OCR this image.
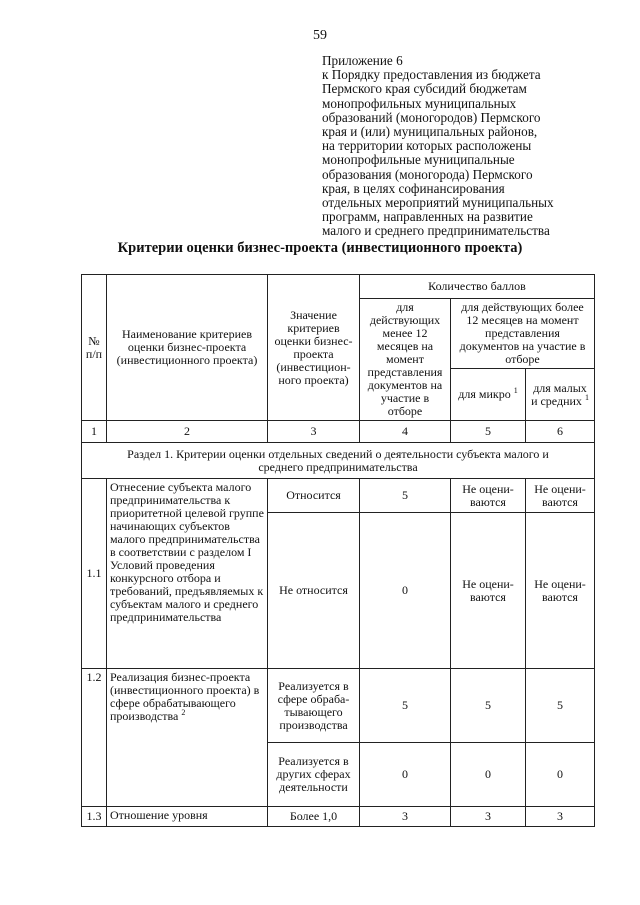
59
Приложение 6
к Порядку предоставления из бюджета
Пермского края субсидий бюджетам
монопрофильных муниципальных
образований (моногородов) Пермского
края и (или) муниципальных районов,
на территории которых расположены
монопрофильные муниципальные
образования (моногорода) Пермского
края, в целях софинансирования
отдельных мероприятий муниципальных
программ, направленных на развитие
малого и среднего предпринимательства
Критерии оценки бизнес-проекта (инвестиционного проекта)
№ п/п	Наименование критериев оценки бизнес-проекта (инвестиционного проекта)	Значение критериев оценки бизнес-проекта (инвестицион-ного проекта)	Количество баллов		
			для действующих менее 12 месяцев на момент представления документов на участие в отборе	для действующих более 12 месяцев на момент представления документов на участие в отборе	
				для микро $^1$	для малых и средних $^1$
1	2	3	4	5	6
Раздел 1. Критерии оценки отдельных сведений о деятельности субъекта малого и среднего предпринимательства					
1.1	Отнесение субъекта малого предпринимательства к приоритетной целевой группе начинающих субъектов малого предпринимательства в соответствии с разделом I Условий проведения конкурсного отбора и требований, предъявляемых к субъектам малого и среднего предпринимательства	Относится	5	Не оцени-ваются	Не оцени-ваются
		Не относится	0	Не оцени-ваются	Не оцени-ваются
1.2	Реализация бизнес-проекта (инвестиционного проекта) в сфере обрабатывающего производства $^2$	Реализуется в сфере обраба-тывающего производства	5	5	5
		Реализуется в других сферах деятельности	0	0	0
1.3	Отношение уровня	Более 1,0	3	3	3
